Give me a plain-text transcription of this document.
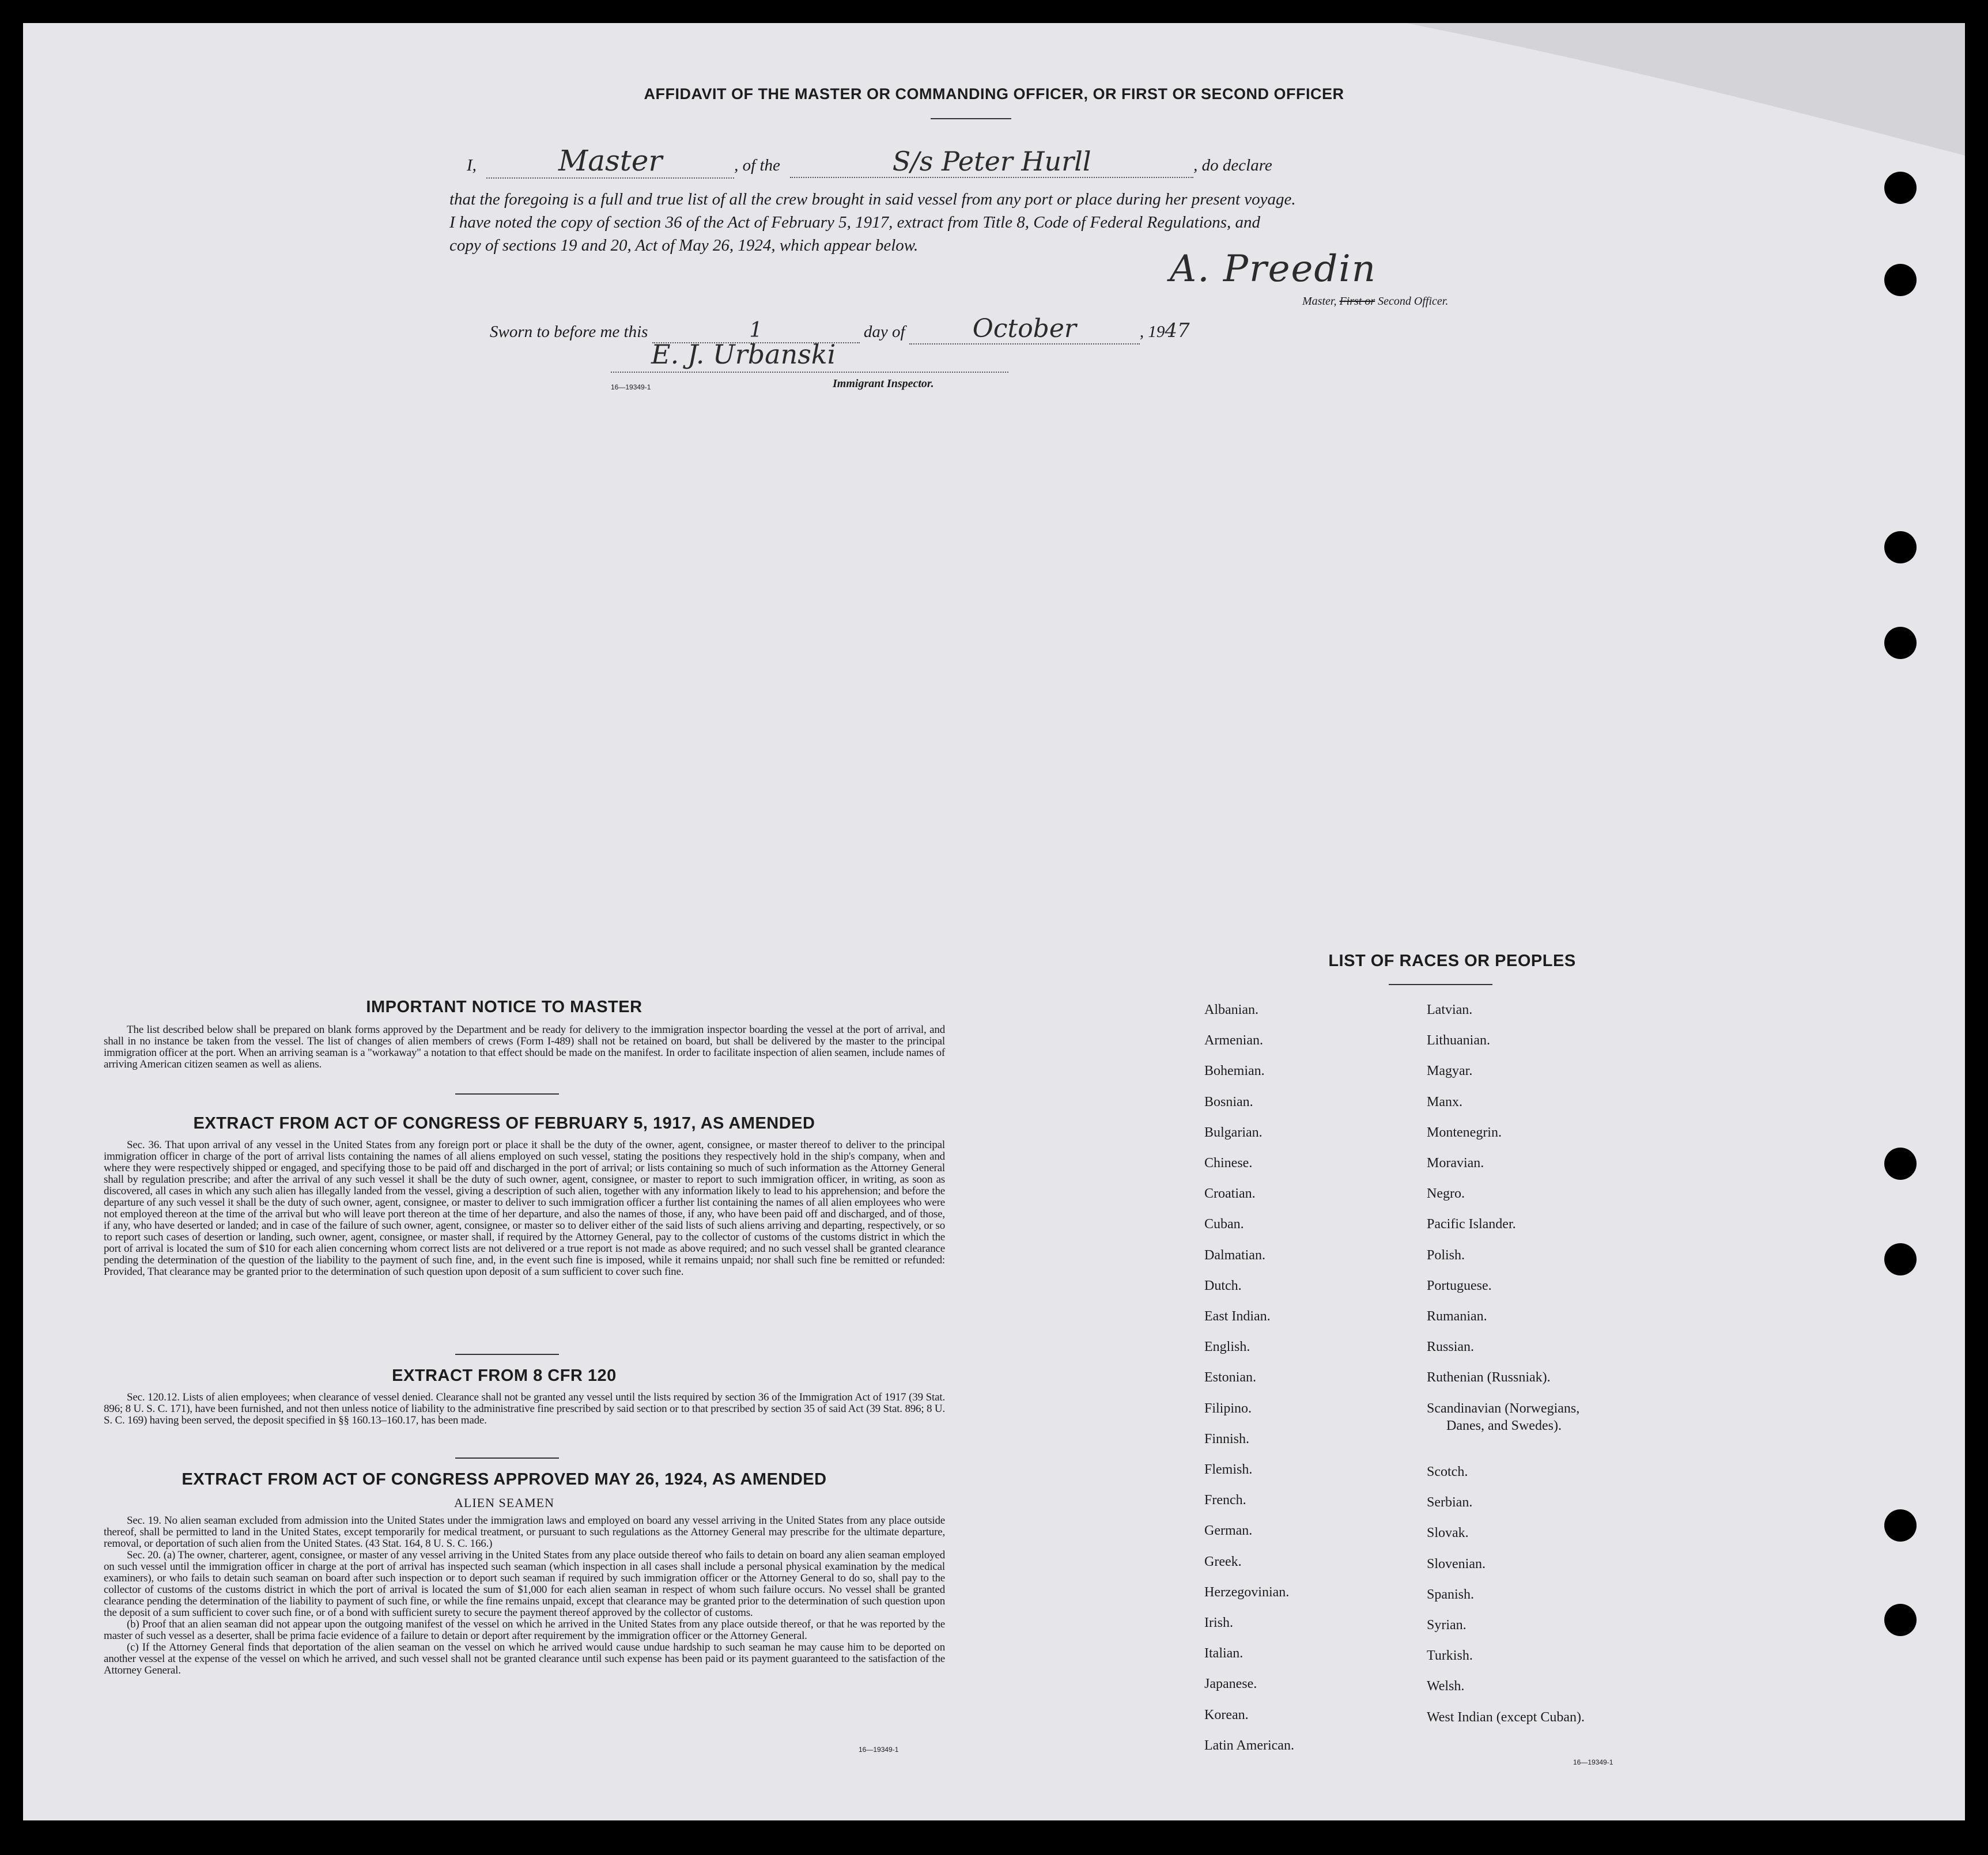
AFFIDAVIT OF THE MASTER OR COMMANDING OFFICER, OR FIRST OR SECOND OFFICER
I,	Master	, of the	S/s Peter Hurll	, do declare
that the foregoing is a full and true list of all the crew brought in said vessel from any port or place during her present voyage.
I have noted the copy of section 36 of the Act of February 5, 1917, extract from Title 8, Code of Federal Regulations, and
copy of sections 19 and 20, Act of May 26, 1924, which appear below.
A. Preedin
Master, First or Second Officer.
Sworn to before me this	1	day of	October	, 1947
E. J. Urbanski
16—19349-1	Immigrant Inspector.
IMPORTANT NOTICE TO MASTER
The list described below shall be prepared on blank forms approved by the Department and be ready for delivery to the immigration inspector boarding the vessel at the port of arrival, and shall in no instance be taken from the vessel. The list of changes of alien members of crews (Form I-489) shall not be retained on board, but shall be delivered by the master to the principal immigration officer at the port. When an arriving seaman is a "workaway" a notation to that effect should be made on the manifest. In order to facilitate inspection of alien seamen, include names of arriving American citizen seamen as well as aliens.
EXTRACT FROM ACT OF CONGRESS OF FEBRUARY 5, 1917, AS AMENDED
Sec. 36. That upon arrival of any vessel in the United States from any foreign port or place it shall be the duty of the owner, agent, consignee, or master thereof to deliver to the principal immigration officer in charge of the port of arrival lists containing the names of all aliens employed on such vessel, stating the positions they respectively hold in the ship's company, when and where they were respectively shipped or engaged, and specifying those to be paid off and discharged in the port of arrival; or lists containing so much of such information as the Attorney General shall by regulation prescribe; and after the arrival of any such vessel it shall be the duty of such owner, agent, consignee, or master to report to such immigration officer, in writing, as soon as discovered, all cases in which any such alien has illegally landed from the vessel, giving a description of such alien, together with any information likely to lead to his apprehension; and before the departure of any such vessel it shall be the duty of such owner, agent, consignee, or master to deliver to such immigration officer a further list containing the names of all alien employees who were not employed thereon at the time of the arrival but who will leave port thereon at the time of her departure, and also the names of those, if any, who have been paid off and discharged, and of those, if any, who have deserted or landed; and in case of the failure of such owner, agent, consignee, or master so to deliver either of the said lists of such aliens arriving and departing, respectively, or so to report such cases of desertion or landing, such owner, agent, consignee, or master shall, if required by the Attorney General, pay to the collector of customs of the customs district in which the port of arrival is located the sum of $10 for each alien concerning whom correct lists are not delivered or a true report is not made as above required; and no such vessel shall be granted clearance pending the determination of the question of the liability to the payment of such fine, and, in the event such fine is imposed, while it remains unpaid; nor shall such fine be remitted or refunded: Provided, That clearance may be granted prior to the determination of such question upon deposit of a sum sufficient to cover such fine.
EXTRACT FROM 8 CFR 120
Sec. 120.12. Lists of alien employees; when clearance of vessel denied. Clearance shall not be granted any vessel until the lists required by section 36 of the Immigration Act of 1917 (39 Stat. 896; 8 U. S. C. 171), have been furnished, and not then unless notice of liability to the administrative fine prescribed by said section or to that prescribed by section 35 of said Act (39 Stat. 896; 8 U. S. C. 169) having been served, the deposit specified in §§ 160.13–160.17, has been made.
EXTRACT FROM ACT OF CONGRESS APPROVED MAY 26, 1924, AS AMENDED
ALIEN SEAMEN
Sec. 19. No alien seaman excluded from admission into the United States under the immigration laws and employed on board any vessel arriving in the United States from any place outside thereof, shall be permitted to land in the United States, except temporarily for medical treatment, or pursuant to such regulations as the Attorney General may prescribe for the ultimate departure, removal, or deportation of such alien from the United States. (43 Stat. 164, 8 U. S. C. 166.)
Sec. 20. (a) The owner, charterer, agent, consignee, or master of any vessel arriving in the United States from any place outside thereof who fails to detain on board any alien seaman employed on such vessel until the immigration officer in charge at the port of arrival has inspected such seaman (which inspection in all cases shall include a personal physical examination by the medical examiners), or who fails to detain such seaman on board after such inspection or to deport such seaman if required by such immigration officer or the Attorney General to do so, shall pay to the collector of customs of the customs district in which the port of arrival is located the sum of $1,000 for each alien seaman in respect of whom such failure occurs. No vessel shall be granted clearance pending the determination of the liability to payment of such fine, or while the fine remains unpaid, except that clearance may be granted prior to the determination of such question upon the deposit of a sum sufficient to cover such fine, or of a bond with sufficient surety to secure the payment thereof approved by the collector of customs.
(b) Proof that an alien seaman did not appear upon the outgoing manifest of the vessel on which he arrived in the United States from any place outside thereof, or that he was reported by the master of such vessel as a deserter, shall be prima facie evidence of a failure to detain or deport after requirement by the immigration officer or the Attorney General.
(c) If the Attorney General finds that deportation of the alien seaman on the vessel on which he arrived would cause undue hardship to such seaman he may cause him to be deported on another vessel at the expense of the vessel on which he arrived, and such vessel shall not be granted clearance until such expense has been paid or its payment guaranteed to the satisfaction of the Attorney General.
16—19349-1
LIST OF RACES OR PEOPLES
Albanian.
Armenian.
Bohemian.
Bosnian.
Bulgarian.
Chinese.
Croatian.
Cuban.
Dalmatian.
Dutch.
East Indian.
English.
Estonian.
Filipino.
Finnish.
Flemish.
French.
German.
Greek.
Herzegovinian.
Irish.
Italian.
Japanese.
Korean.
Latin American.
Latvian.
Lithuanian.
Magyar.
Manx.
Montenegrin.
Moravian.
Negro.
Pacific Islander.
Polish.
Portuguese.
Rumanian.
Russian.
Ruthenian (Russniak).
Scandinavian (Norwegians,
Danes, and Swedes).
Scotch.
Serbian.
Slovak.
Slovenian.
Spanish.
Syrian.
Turkish.
Welsh.
West Indian (except Cuban).
16—19349-1
